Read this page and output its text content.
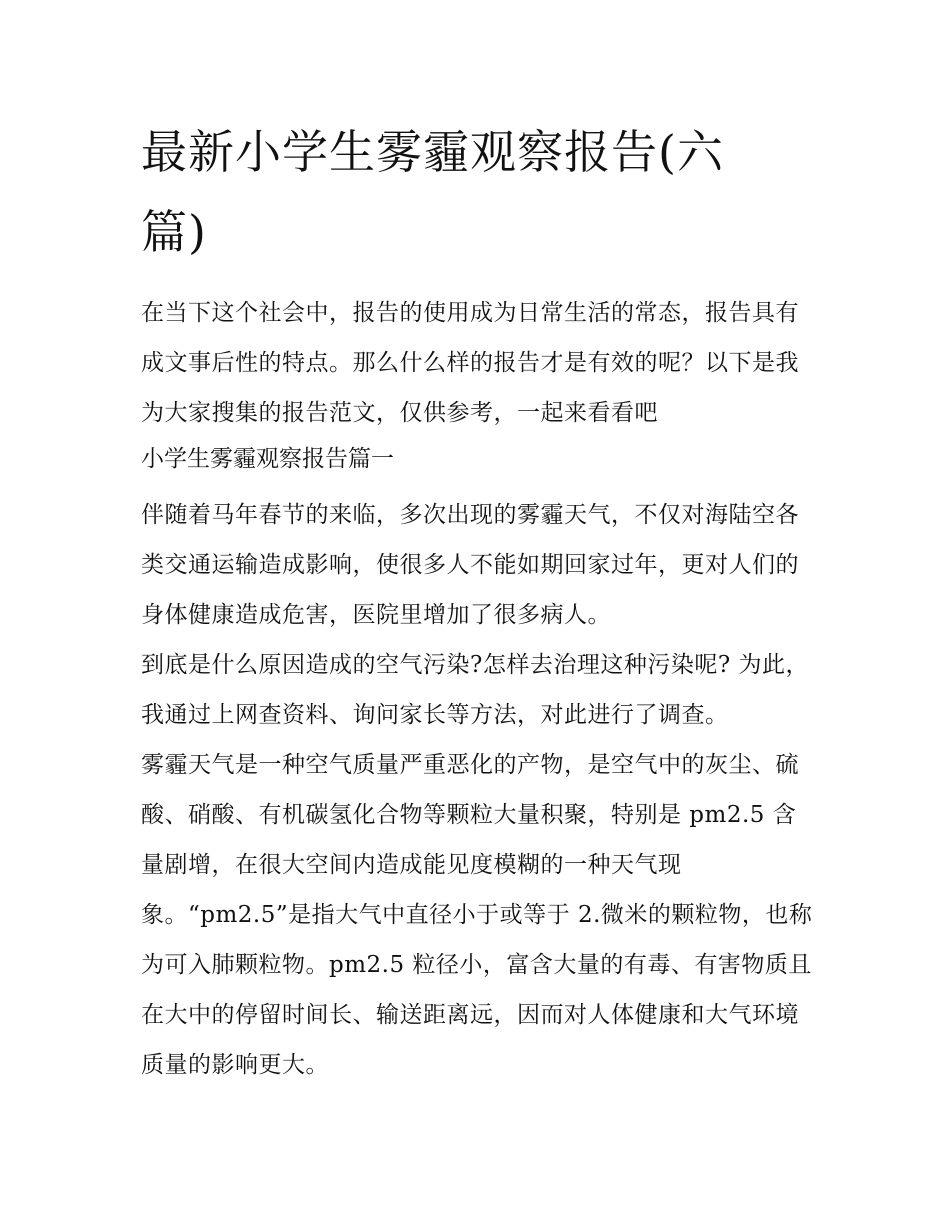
最新小学生雾霾观察报告(六篇)

在当下这个社会中，报告的使用成为日常生活的常态，报告具有成文事后性的特点。那么什么样的报告才是有效的呢？以下是我为大家搜集的报告范文，仅供参考，一起来看看吧

小学生雾霾观察报告篇一

伴随着马年春节的来临，多次出现的雾霾天气，不仅对海陆空各类交通运输造成影响，使很多人不能如期回家过年，更对人们的身体健康造成危害，医院里增加了很多病人。

到底是什么原因造成的空气污染?怎样去治理这种污染呢? 为此，我通过上网查资料、询问家长等方法，对此进行了调查。

雾霾天气是一种空气质量严重恶化的产物，是空气中的灰尘、硫酸、硝酸、有机碳氢化合物等颗粒大量积聚，特别是 pm2.5 含量剧增，在很大空间内造成能见度模糊的一种天气现象。“pm2.5”是指大气中直径小于或等于 2.微米的颗粒物，也称为可入肺颗粒物。pm2.5 粒径小，富含大量的有毒、有害物质且在大中的停留时间长、输送距离远，因而对人体健康和大气环境质量的影响更大。
